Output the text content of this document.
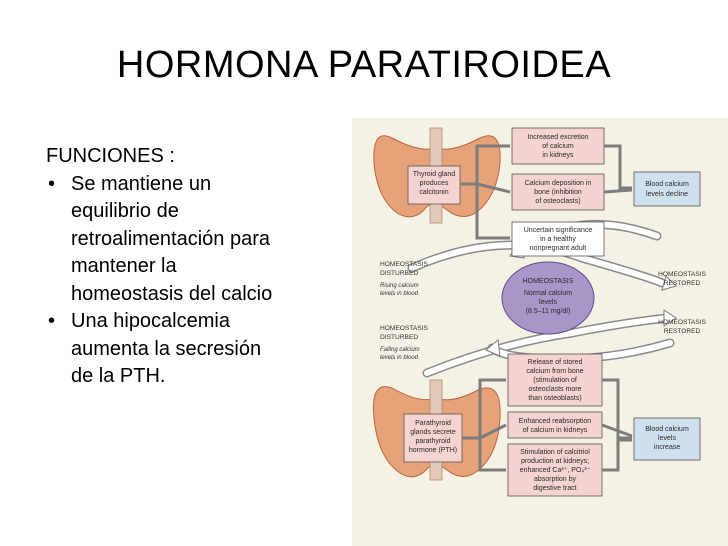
HORMONA PARATIROIDEA
FUNCIONES :
• Se mantiene un
equilibrio de
retroalimentación para
mantener la
homeostasis del calcio
• Una hipocalcemia
aumenta la secresión
de la PTH.
Thyroid gland
produces
calcitonin
Increased excretion
of calcium
in kidneys
Calcium deposition in
bone (inhibition
of osteoclasts)
Uncertain significance
in a healthy
nonpregnant adult
Blood calcium
levels decline
HOMEOSTASIS
Normal calcium
levels
(8.5–11 mg/dl)
HOMEOSTASIS
DISTURBED
Rising calcium
levels in blood
HOMEOSTASIS
DISTURBED
Falling calcium
levels in blood
HOMEOSTASIS
RESTORED
HOMEOSTASIS
RESTORED
Parathyroid
glands secrete
parathyroid
hormone (PTH)
Release of stored
calcium from bone
(stimulation of
osteoclasts more
than osteoblasts)
Enhanced reabsorption
of calcium in kidneys
Stimulation of calcitriol
production at kidneys;
enhanced Ca²⁺, PO₄³⁻
absorption by
digestive tract
Blood calcium
levels
increase
